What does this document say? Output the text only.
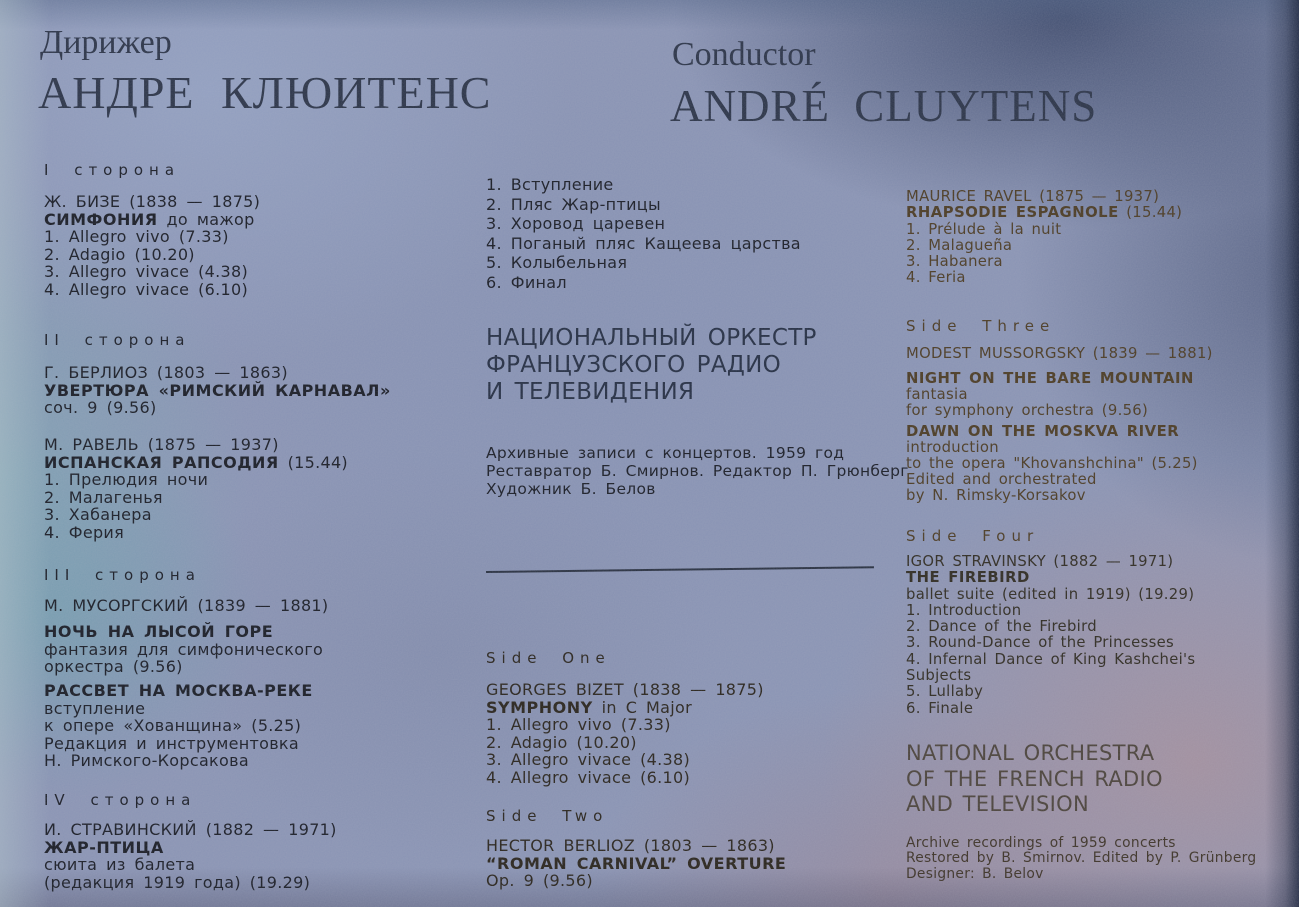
Дирижер
АНДРЕ КЛЮИТЕНС
Conductor
ANDRÉ CLUYTENS
I сторона
Ж. БИЗЕ (1838 — 1875)
СИМФОНИЯ до мажор
1. Allegro vivo (7.33)
2. Adagio (10.20)
3. Allegro vivace (4.38)
4. Allegro vivace (6.10)
II сторона
Г. БЕРЛИОЗ (1803 — 1863)
УВЕРТЮРА «РИМСКИЙ КАРНАВАЛ»
соч. 9 (9.56)
М. РАВЕЛЬ (1875 — 1937)
ИСПАНСКАЯ РАПСОДИЯ (15.44)
1. Прелюдия ночи
2. Малагенья
3. Хабанера
4. Ферия
III сторона
М. МУСОРГСКИЙ (1839 — 1881)
НОЧЬ НА ЛЫСОЙ ГОРЕ
фантазия для симфонического
оркестра (9.56)
РАССВЕТ НА МОСКВА-РЕКЕ
вступление
к опере «Хованщина» (5.25)
Редакция и инструментовка
Н. Римского-Корсакова
IV сторона
И. СТРАВИНСКИЙ (1882 — 1971)
ЖАР-ПТИЦА
сюита из балета
(редакция 1919 года) (19.29)
1. Вступление
2. Пляс Жар-птицы
3. Хоровод царевен
4. Поганый пляс Кащеева царства
5. Колыбельная
6. Финал
НАЦИОНАЛЬНЫЙ ОРКЕСТР
ФРАНЦУЗСКОГО РАДИО
И ТЕЛЕВИДЕНИЯ
Архивные записи с концертов. 1959 год
Реставратор Б. Смирнов. Редактор П. Грюнберг
Художник Б. Белов
Side One
GEORGES BIZET (1838 — 1875)
SYMPHONY in C Major
1. Allegro vivo (7.33)
2. Adagio (10.20)
3. Allegro vivace (4.38)
4. Allegro vivace (6.10)
Side Two
HECTOR BERLIOZ (1803 — 1863)
“ROMAN CARNIVAL” OVERTURE
Op. 9 (9.56)
MAURICE RAVEL (1875 — 1937)
RHAPSODIE ESPAGNOLE (15.44)
1. Prélude à la nuit
2. Malagueña
3. Habanera
4. Feria
Side Three
MODEST MUSSORGSKY (1839 — 1881)
NIGHT ON THE BARE MOUNTAIN
fantasia
for symphony orchestra (9.56)
DAWN ON THE MOSKVA RIVER
introduction
to the opera "Khovanshchina" (5.25)
Edited and orchestrated
by N. Rimsky-Korsakov
Side Four
IGOR STRAVINSKY (1882 — 1971)
THE FIREBIRD
ballet suite (edited in 1919) (19.29)
1. Introduction
2. Dance of the Firebird
3. Round-Dance of the Princesses
4. Infernal Dance of King Kashchei's
Subjects
5. Lullaby
6. Finale
NATIONAL ORCHESTRA
OF THE FRENCH RADIO
AND TELEVISION
Archive recordings of 1959 concerts
Restored by B. Smirnov. Edited by P. Grünberg
Designer: B. Belov
